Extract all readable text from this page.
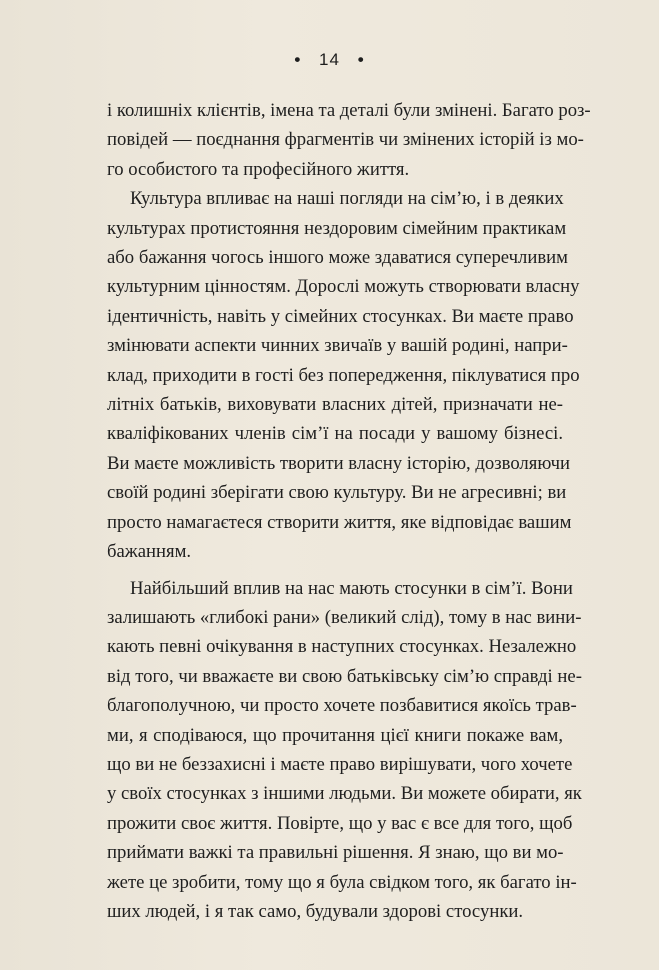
• 14 •

і колишніх клієнтів, імена та деталі були змінені. Багато роз-
повідей — поєднання фрагментів чи змінених історій із мо-
го особистого та професійного життя.

Культура впливає на наші погляди на сім’ю, і в деяких
культурах протистояння нездоровим сімейним практикам
або бажання чогось іншого може здаватися суперечливим
культурним цінностям. Дорослі можуть створювати власну
ідентичність, навіть у сімейних стосунках. Ви маєте право
змінювати аспекти чинних звичаїв у вашій родині, напри-
клад, приходити в гості без попередження, піклуватися про
літніх батьків, виховувати власних дітей, призначати не-
кваліфікованих членів сім’ї на посади у вашому бізнесі.
Ви маєте можливість творити власну історію, дозволяючи
своїй родині зберігати свою культуру. Ви не агресивні; ви
просто намагаєтеся створити життя, яке відповідає вашим
бажанням.

Найбільший вплив на нас мають стосунки в сім’ї. Вони
залишають «глибокі рани» (великий слід), тому в нас вини-
кають певні очікування в наступних стосунках. Незалежно
від того, чи вважаєте ви свою батьківську сім’ю справді не-
благополучною, чи просто хочете позбавитися якоїсь трав-
ми, я сподіваюся, що прочитання цієї книги покаже вам,
що ви не беззахисні і маєте право вирішувати, чого хочете
у своїх стосунках з іншими людьми. Ви можете обирати, як
прожити своє життя. Повірте, що у вас є все для того, щоб
приймати важкі та правильні рішення. Я знаю, що ви мо-
жете це зробити, тому що я була свідком того, як багато ін-
ших людей, і я так само, будували здорові стосунки.
